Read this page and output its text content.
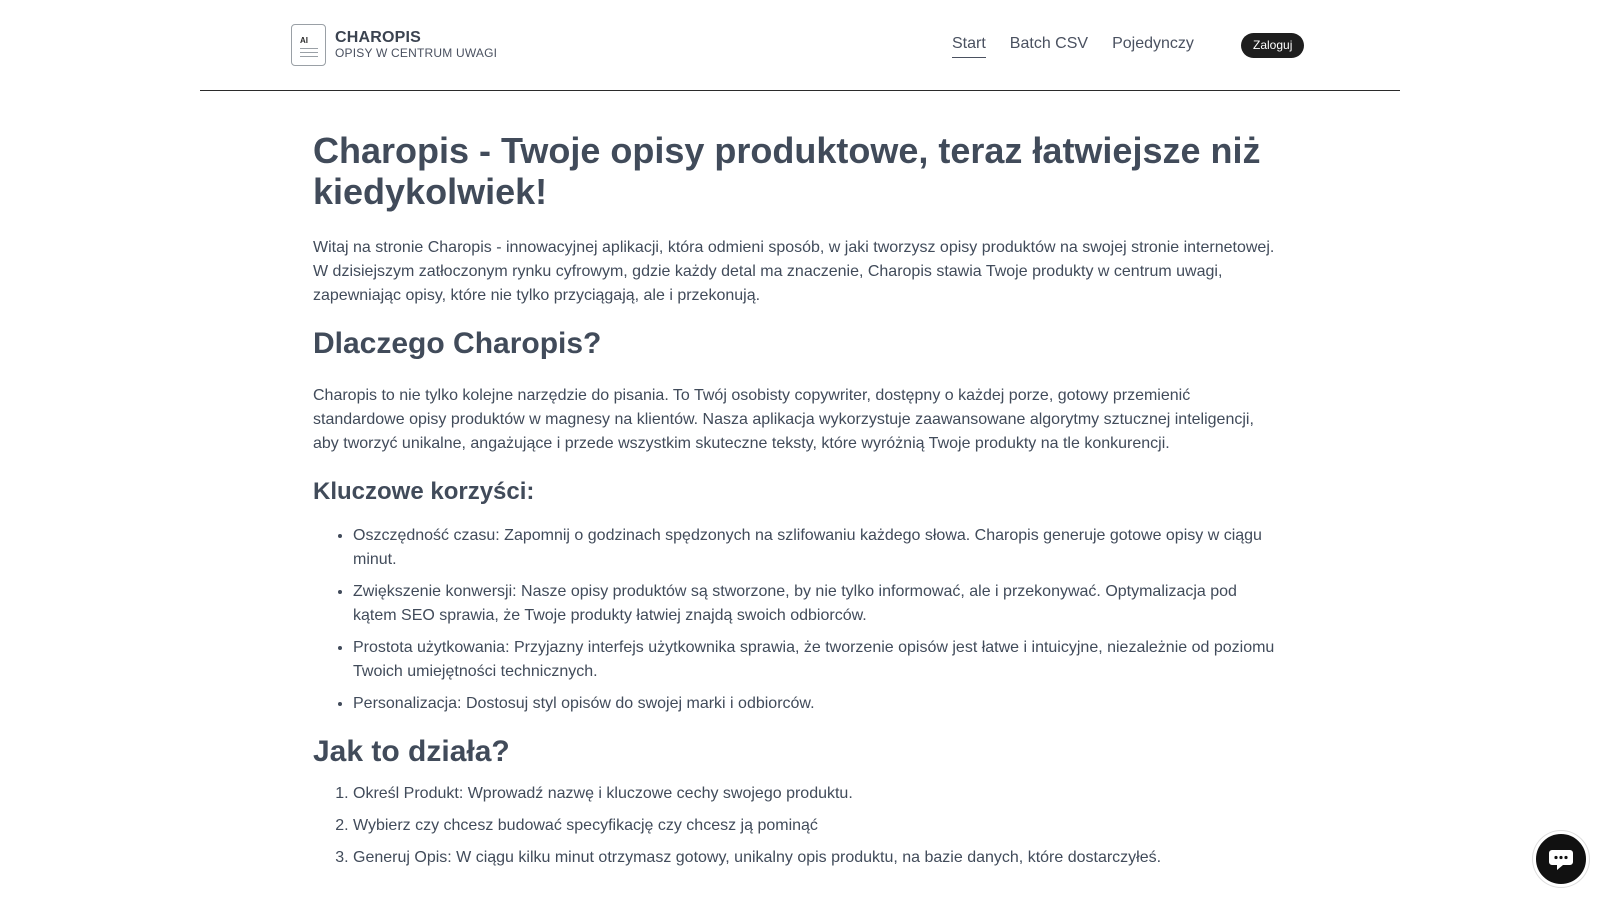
AI CHAROPIS
OPISY W CENTRUM UWAGI
Start Batch CSV Pojedynczy	Zaloguj
Charopis - Twoje opisy produktowe, teraz łatwiejsze niż kiedykolwiek!

Witaj na stronie Charopis - innowacyjnej aplikacji, która odmieni sposób, w jaki tworzysz opisy produktów na swojej stronie internetowej. W dzisiejszym zatłoczonym rynku cyfrowym, gdzie każdy detal ma znaczenie, Charopis stawia Twoje produkty w centrum uwagi, zapewniając opisy, które nie tylko przyciągają, ale i przekonują.

Dlaczego Charopis?

Charopis to nie tylko kolejne narzędzie do pisania. To Twój osobisty copywriter, dostępny o każdej porze, gotowy przemienić standardowe opisy produktów w magnesy na klientów. Nasza aplikacja wykorzystuje zaawansowane algorytmy sztucznej inteligencji, aby tworzyć unikalne, angażujące i przede wszystkim skuteczne teksty, które wyróżnią Twoje produkty na tle konkurencji.

Kluczowe korzyści:
• Oszczędność czasu: Zapomnij o godzinach spędzonych na szlifowaniu każdego słowa. Charopis generuje gotowe opisy w ciągu minut.
• Zwiększenie konwersji: Nasze opisy produktów są stworzone, by nie tylko informować, ale i przekonywać. Optymalizacja pod kątem SEO sprawia, że Twoje produkty łatwiej znajdą swoich odbiorców.
• Prostota użytkowania: Przyjazny interfejs użytkownika sprawia, że tworzenie opisów jest łatwe i intuicyjne, niezależnie od poziomu Twoich umiejętności technicznych.
• Personalizacja: Dostosuj styl opisów do swojej marki i odbiorców.
Jak to działa?
1. Określ Produkt: Wprowadź nazwę i kluczowe cechy swojego produktu.
2. Wybierz czy chcesz budować specyfikację czy chcesz ją pominąć
3. Generuj Opis: W ciągu kilku minut otrzymasz gotowy, unikalny opis produktu, na bazie danych, które dostarczyłeś.
